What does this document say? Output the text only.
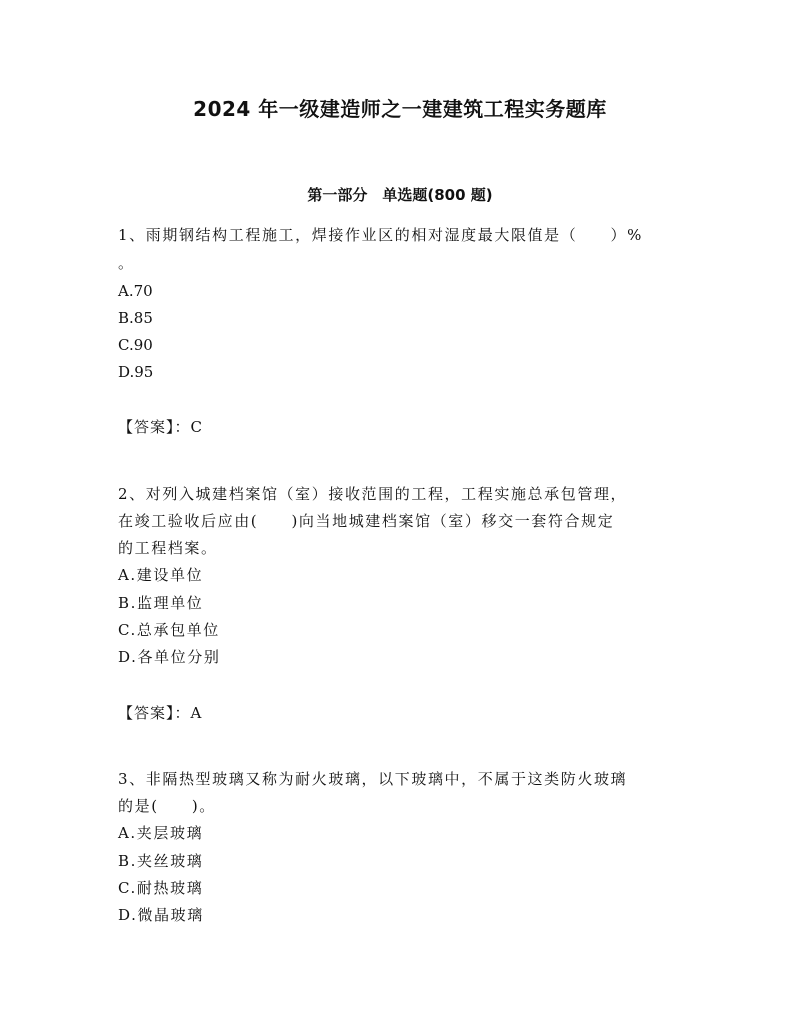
2024 年一级建造师之一建建筑工程实务题库
第一部分　单选题(800 题)
1、雨期钢结构工程施工，焊接作业区的相对湿度最大限值是（　　）%
。
A.70
B.85
C.90
D.95
【答案】：C
2、对列入城建档案馆（室）接收范围的工程，工程实施总承包管理，
在竣工验收后应由(　　)向当地城建档案馆（室）移交一套符合规定
的工程档案。
A.建设单位
B.监理单位
C.总承包单位
D.各单位分别
【答案】：A
3、非隔热型玻璃又称为耐火玻璃，以下玻璃中，不属于这类防火玻璃
的是(　　)。
A.夹层玻璃
B.夹丝玻璃
C.耐热玻璃
D.微晶玻璃
